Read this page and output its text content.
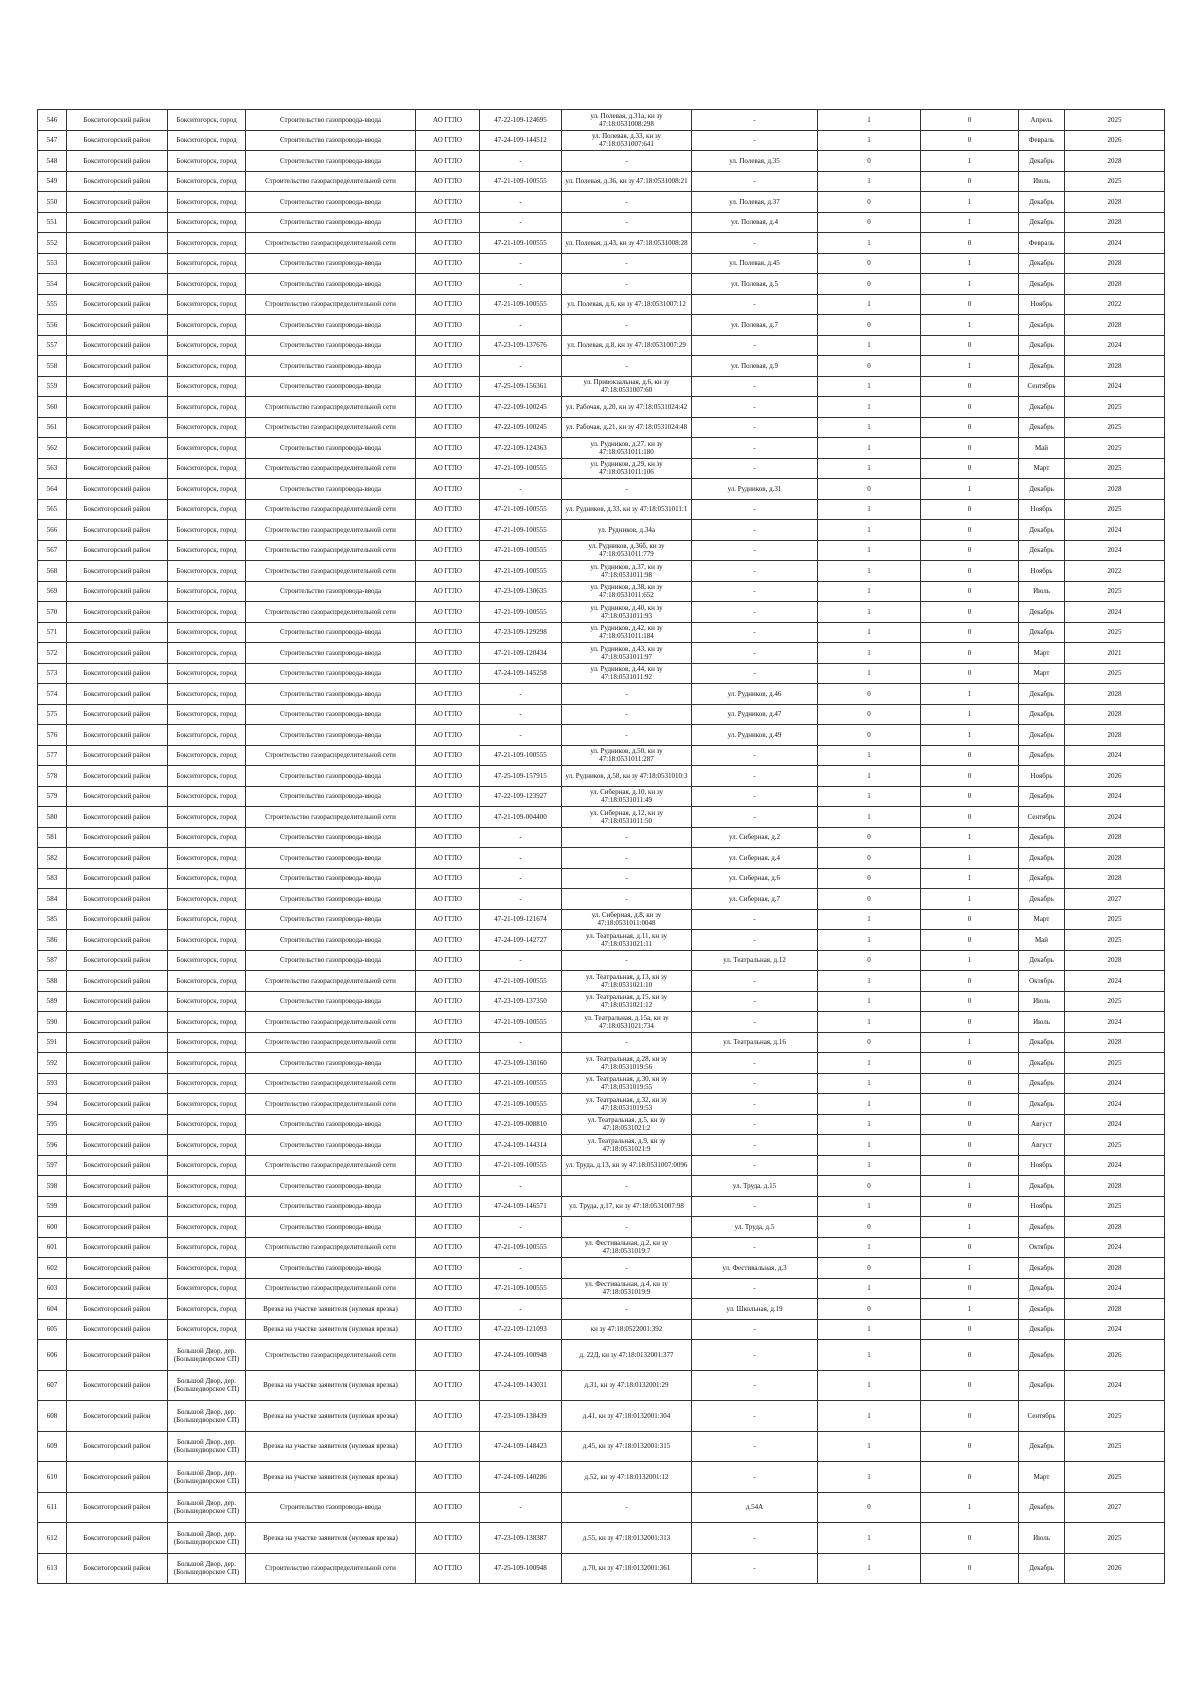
546	Бокситогорский район	Бокситогорск, город	Строительство газопровода-ввода	АО ГГЛО	47-22-109-124695	ул. Полевая, д.31а, кн зу 47:18:0531008:298	-	1	0	Апрель	2025
547	Бокситогорский район	Бокситогорск, город	Строительство газопровода-ввода	АО ГГЛО	47-24-109-144512	ул. Полевая, д.33, кн зу 47:18:0531007:641	-	1	0	Февраль	2026
548	Бокситогорский район	Бокситогорск, город	Строительство газопровода-ввода	АО ГГЛО	-	-	ул. Полевая, д.35	0	1	Декабрь	2028
549	Бокситогорский район	Бокситогорск, город	Строительство газораспределительной сети	АО ГГЛО	47-21-109-100555	ул. Полевая, д.36, кн зу 47:18:0531008:21	-	1	0	Июль	2025
550	Бокситогорский район	Бокситогорск, город	Строительство газопровода-ввода	АО ГГЛО	-	-	ул. Полевая, д.37	0	1	Декабрь	2028
551	Бокситогорский район	Бокситогорск, город	Строительство газопровода-ввода	АО ГГЛО	-	-	ул. Полевая, д.4	0	1	Декабрь	2028
552	Бокситогорский район	Бокситогорск, город	Строительство газораспределительной сети	АО ГГЛО	47-21-109-100555	ул. Полевая, д.43, кн зу 47:18:0531008:28	-	1	0	Февраль	2024
553	Бокситогорский район	Бокситогорск, город	Строительство газопровода-ввода	АО ГГЛО	-	-	ул. Полевая, д.45	0	1	Декабрь	2028
554	Бокситогорский район	Бокситогорск, город	Строительство газопровода-ввода	АО ГГЛО	-	-	ул. Полевая, д.5	0	1	Декабрь	2028
555	Бокситогорский район	Бокситогорск, город	Строительство газораспределительной сети	АО ГГЛО	47-21-109-100555	ул. Полевая, д.6, кн зу 47:18:0531007:12	-	1	0	Ноябрь	2022
556	Бокситогорский район	Бокситогорск, город	Строительство газопровода-ввода	АО ГГЛО	-	-	ул. Полевая, д.7	0	1	Декабрь	2028
557	Бокситогорский район	Бокситогорск, город	Строительство газопровода-ввода	АО ГГЛО	47-23-109-137676	ул. Полевая, д.8, кн зу 47:18:0531007:29	-	1	0	Декабрь	2024
558	Бокситогорский район	Бокситогорск, город	Строительство газопровода-ввода	АО ГГЛО	-	-	ул. Полевая, д.9	0	1	Декабрь	2028
559	Бокситогорский район	Бокситогорск, город	Строительство газопровода-ввода	АО ГГЛО	47-25-109-156361	ул. Привокзальная, д.6, кн зу 47:18:0531007:60	-	1	0	Сентябрь	2024
560	Бокситогорский район	Бокситогорск, город	Строительство газораспределительной сети	АО ГГЛО	47-22-109-100245	ул. Рабочая, д.20, кн зу 47:18:0531024:42	-	1	0	Декабрь	2025
561	Бокситогорский район	Бокситогорск, город	Строительство газораспределительной сети	АО ГГЛО	47-22-109-100245	ул. Рабочая, д.21, кн зу 47:18:0531024:48	-	1	0	Декабрь	2025
562	Бокситогорский район	Бокситогорск, город	Строительство газопровода-ввода	АО ГГЛО	47-22-109-124363	ул. Рудников, д.27, кн зу 47:18:0531011:180	-	1	0	Май	2025
563	Бокситогорский район	Бокситогорск, город	Строительство газораспределительной сети	АО ГГЛО	47-21-109-100555	ул. Рудников, д.29, кн зу 47:18:0531011:106	-	1	0	Март	2025
564	Бокситогорский район	Бокситогорск, город	Строительство газопровода-ввода	АО ГГЛО	-	-	ул. Рудников, д.31	0	1	Декабрь	2028
565	Бокситогорский район	Бокситогорск, город	Строительство газораспределительной сети	АО ГГЛО	47-21-109-100555	ул. Рудников, д.33, кн зу 47:18:0531011:1	-	1	0	Ноябрь	2025
566	Бокситогорский район	Бокситогорск, город	Строительство газораспределительной сети	АО ГГЛО	47-21-109-100555	ул. Рудников, д.34а	-	1	0	Декабрь	2024
567	Бокситогорский район	Бокситогорск, город	Строительство газораспределительной сети	АО ГГЛО	47-21-109-100555	ул. Рудников, д.36б, кн зу 47:18:0531011:779	-	1	0	Декабрь	2024
568	Бокситогорский район	Бокситогорск, город	Строительство газораспределительной сети	АО ГГЛО	47-21-109-100555	ул. Рудников, д.37, кн зу 47:18:0531011:98	-	1	0	Ноябрь	2022
569	Бокситогорский район	Бокситогорск, город	Строительство газопровода-ввода	АО ГГЛО	47-23-109-130635	ул. Рудников, д.38, кн зу 47:18:0531011:652	-	1	0	Июль	2025
570	Бокситогорский район	Бокситогорск, город	Строительство газораспределительной сети	АО ГГЛО	47-21-109-100555	ул. Рудников, д.40, кн зу 47:18:0531011:93	-	1	0	Декабрь	2024
571	Бокситогорский район	Бокситогорск, город	Строительство газопровода-ввода	АО ГГЛО	47-23-109-129298	ул. Рудников, д.42, кн зу 47:18:0531011:184	-	1	0	Декабрь	2025
572	Бокситогорский район	Бокситогорск, город	Строительство газопровода-ввода	АО ГГЛО	47-21-109-120434	ул. Рудников, д.43, кн зу 47:18:0531011:97	-	1	0	Март	2021
573	Бокситогорский район	Бокситогорск, город	Строительство газопровода-ввода	АО ГГЛО	47-24-109-145258	ул. Рудников, д.44, кн зу 47:18:0531011:92	-	1	0	Март	2025
574	Бокситогорский район	Бокситогорск, город	Строительство газопровода-ввода	АО ГГЛО	-	-	ул. Рудников, д.46	0	1	Декабрь	2028
575	Бокситогорский район	Бокситогорск, город	Строительство газопровода-ввода	АО ГГЛО	-	-	ул. Рудников, д.47	0	1	Декабрь	2028
576	Бокситогорский район	Бокситогорск, город	Строительство газопровода-ввода	АО ГГЛО	-	-	ул. Рудников, д.49	0	1	Декабрь	2028
577	Бокситогорский район	Бокситогорск, город	Строительство газораспределительной сети	АО ГГЛО	47-21-109-100555	ул. Рудников, д.50, кн зу 47:18:0531011:287	-	1	0	Декабрь	2024
578	Бокситогорский район	Бокситогорск, город	Строительство газопровода-ввода	АО ГГЛО	47-25-109-157915	ул. Рудников, д.58, кн зу 47:18:0531010:3	-	1	0	Ноябрь	2026
579	Бокситогорский район	Бокситогорск, город	Строительство газопровода-ввода	АО ГГЛО	47-22-109-123927	ул. Сиберная, д.10, кн зу 47:18:0531011:49	-	1	0	Декабрь	2024
580	Бокситогорский район	Бокситогорск, город	Строительство газораспределительной сети	АО ГГЛО	47-21-109-004400	ул. Сиберная, д.12, кн зу 47:18:0531011:50	-	1	0	Сентябрь	2024
581	Бокситогорский район	Бокситогорск, город	Строительство газопровода-ввода	АО ГГЛО	-	-	ул. Сиберная, д.2	0	1	Декабрь	2028
582	Бокситогорский район	Бокситогорск, город	Строительство газопровода-ввода	АО ГГЛО	-	-	ул. Сиберная, д.4	0	1	Декабрь	2028
583	Бокситогорский район	Бокситогорск, город	Строительство газопровода-ввода	АО ГГЛО	-	-	ул. Сиберная, д.6	0	1	Декабрь	2028
584	Бокситогорский район	Бокситогорск, город	Строительство газопровода-ввода	АО ГГЛО	-	-	ул. Сиберная, д.7	0	1	Декабрь	2027
585	Бокситогорский район	Бокситогорск, город	Строительство газопровода-ввода	АО ГГЛО	47-21-109-121674	ул. Сиберная, д.8, кн зу 47:18:0531011:0048	-	1	0	Март	2025
586	Бокситогорский район	Бокситогорск, город	Строительство газопровода-ввода	АО ГГЛО	47-24-109-142727	ул. Театральная, д.11, кн зу 47:18:0531021:11	-	1	0	Май	2025
587	Бокситогорский район	Бокситогорск, город	Строительство газопровода-ввода	АО ГГЛО	-	-	ул. Театральная, д.12	0	1	Декабрь	2028
588	Бокситогорский район	Бокситогорск, город	Строительство газораспределительной сети	АО ГГЛО	47-21-109-100555	ул. Театральная, д.13, кн зу 47:18:0531021:10	-	1	0	Октябрь	2024
589	Бокситогорский район	Бокситогорск, город	Строительство газопровода-ввода	АО ГГЛО	47-23-109-137350	ул. Театральная, д.15, кн зу 47:18:0531021:12	-	1	0	Июль	2025
590	Бокситогорский район	Бокситогорск, город	Строительство газораспределительной сети	АО ГГЛО	47-21-109-100555	ул. Театральная, д.15а, кн зу 47:18:0531021:734	-	1	0	Июль	2024
591	Бокситогорский район	Бокситогорск, город	Строительство газораспределительной сети	АО ГГЛО	-	-	ул. Театральная, д.16	0	1	Декабрь	2028
592	Бокситогорский район	Бокситогорск, город	Строительство газопровода-ввода	АО ГГЛО	47-23-109-130160	ул. Театральная, д.28, кн зу 47:18:0531019:56	-	1	0	Декабрь	2025
593	Бокситогорский район	Бокситогорск, город	Строительство газораспределительной сети	АО ГГЛО	47-21-109-100555	ул. Театральная, д.30, кн зу 47:18:0531019:55	-	1	0	Декабрь	2024
594	Бокситогорский район	Бокситогорск, город	Строительство газораспределительной сети	АО ГГЛО	47-21-109-100555	ул. Театральная, д.32, кн зу 47:18:0531019:53	-	1	0	Декабрь	2024
595	Бокситогорский район	Бокситогорск, город	Строительство газопровода-ввода	АО ГГЛО	47-21-109-008810	ул. Театральная, д.5, кн зу 47:18:0531021:2	-	1	0	Август	2024
596	Бокситогорский район	Бокситогорск, город	Строительство газопровода-ввода	АО ГГЛО	47-24-109-144314	ул. Театральная, д.9, кн зу 47:18:0531021:9	-	1	0	Август	2025
597	Бокситогорский район	Бокситогорск, город	Строительство газораспределительной сети	АО ГГЛО	47-21-109-100555	ул. Труда, д.13, кн зу 47:18:0531007:0096	-	1	0	Ноябрь	2024
598	Бокситогорский район	Бокситогорск, город	Строительство газопровода-ввода	АО ГГЛО	-	-	ул. Труда, д.15	0	1	Декабрь	2028
599	Бокситогорский район	Бокситогорск, город	Строительство газопровода-ввода	АО ГГЛО	47-24-109-146571	ул. Труда, д.17, кн зу 47:18:0531007:98	-	1	0	Ноябрь	2025
600	Бокситогорский район	Бокситогорск, город	Строительство газопровода-ввода	АО ГГЛО	-	-	ул. Труда, д.5	0	1	Декабрь	2028
601	Бокситогорский район	Бокситогорск, город	Строительство газораспределительной сети	АО ГГЛО	47-21-109-100555	ул. Фестивальная, д.2, кн зу 47:18:0531019:7	-	1	0	Октябрь	2024
602	Бокситогорский район	Бокситогорск, город	Строительство газопровода-ввода	АО ГГЛО	-	-	ул. Фестивальная, д.3	0	1	Декабрь	2028
603	Бокситогорский район	Бокситогорск, город	Строительство газораспределительной сети	АО ГГЛО	47-21-109-100555	ул. Фестивальная, д.4, кн зу 47:18:0531019:9	-	1	0	Декабрь	2024
604	Бокситогорский район	Бокситогорск, город	Врезка на участке заявителя (нулевая врезка)	АО ГГЛО	-	-	ул. Школьная, д.19	0	1	Декабрь	2028
605	Бокситогорский район	Бокситогорск, город	Врезка на участке заявителя (нулевая врезка)	АО ГГЛО	47-22-109-121093	кн зу 47:18:0522001:392	-	1	0	Декабрь	2024
606	Бокситогорский район	Большой Двор, дер. (Большедворское СП)	Строительство газораспределительной сети	АО ГГЛО	47-24-109-100948	д. 22Д, кн зу 47:18:0132001:377	-	1	0	Декабрь	2026
607	Бокситогорский район	Большой Двор, дер. (Большедворское СП)	Врезка на участке заявителя (нулевая врезка)	АО ГГЛО	47-24-109-143031	д.31, кн зу 47:18:0132001:29	-	1	0	Декабрь	2024
608	Бокситогорский район	Большой Двор, дер. (Большедворское СП)	Врезка на участке заявителя (нулевая врезка)	АО ГГЛО	47-23-109-138439	д.41, кн зу 47:18:0132001:304	-	1	0	Сентябрь	2025
609	Бокситогорский район	Большой Двор, дер. (Большедворское СП)	Врезка на участке заявителя (нулевая врезка)	АО ГГЛО	47-24-109-148423	д.45, кн зу 47:18:0132001:315	-	1	0	Декабрь	2025
610	Бокситогорский район	Большой Двор, дер. (Большедворское СП)	Врезка на участке заявителя (нулевая врезка)	АО ГГЛО	47-24-109-140286	д.52, кн зу 47:18:0132001:12	-	1	0	Март	2025
611	Бокситогорский район	Большой Двор, дер. (Большедворское СП)	Строительство газопровода-ввода	АО ГГЛО	-	-	д.54А	0	1	Декабрь	2027
612	Бокситогорский район	Большой Двор, дер. (Большедворское СП)	Врезка на участке заявителя (нулевая врезка)	АО ГГЛО	47-23-109-138387	д.55, кн зу 47:18:0132001:313	-	1	0	Июль	2025
613	Бокситогорский район	Большой Двор, дер. (Большедворское СП)	Строительство газораспределительной сети	АО ГГЛО	47-25-109-100948	д.70, кн зу 47:18:0132001:361	-	1	0	Декабрь	2026
